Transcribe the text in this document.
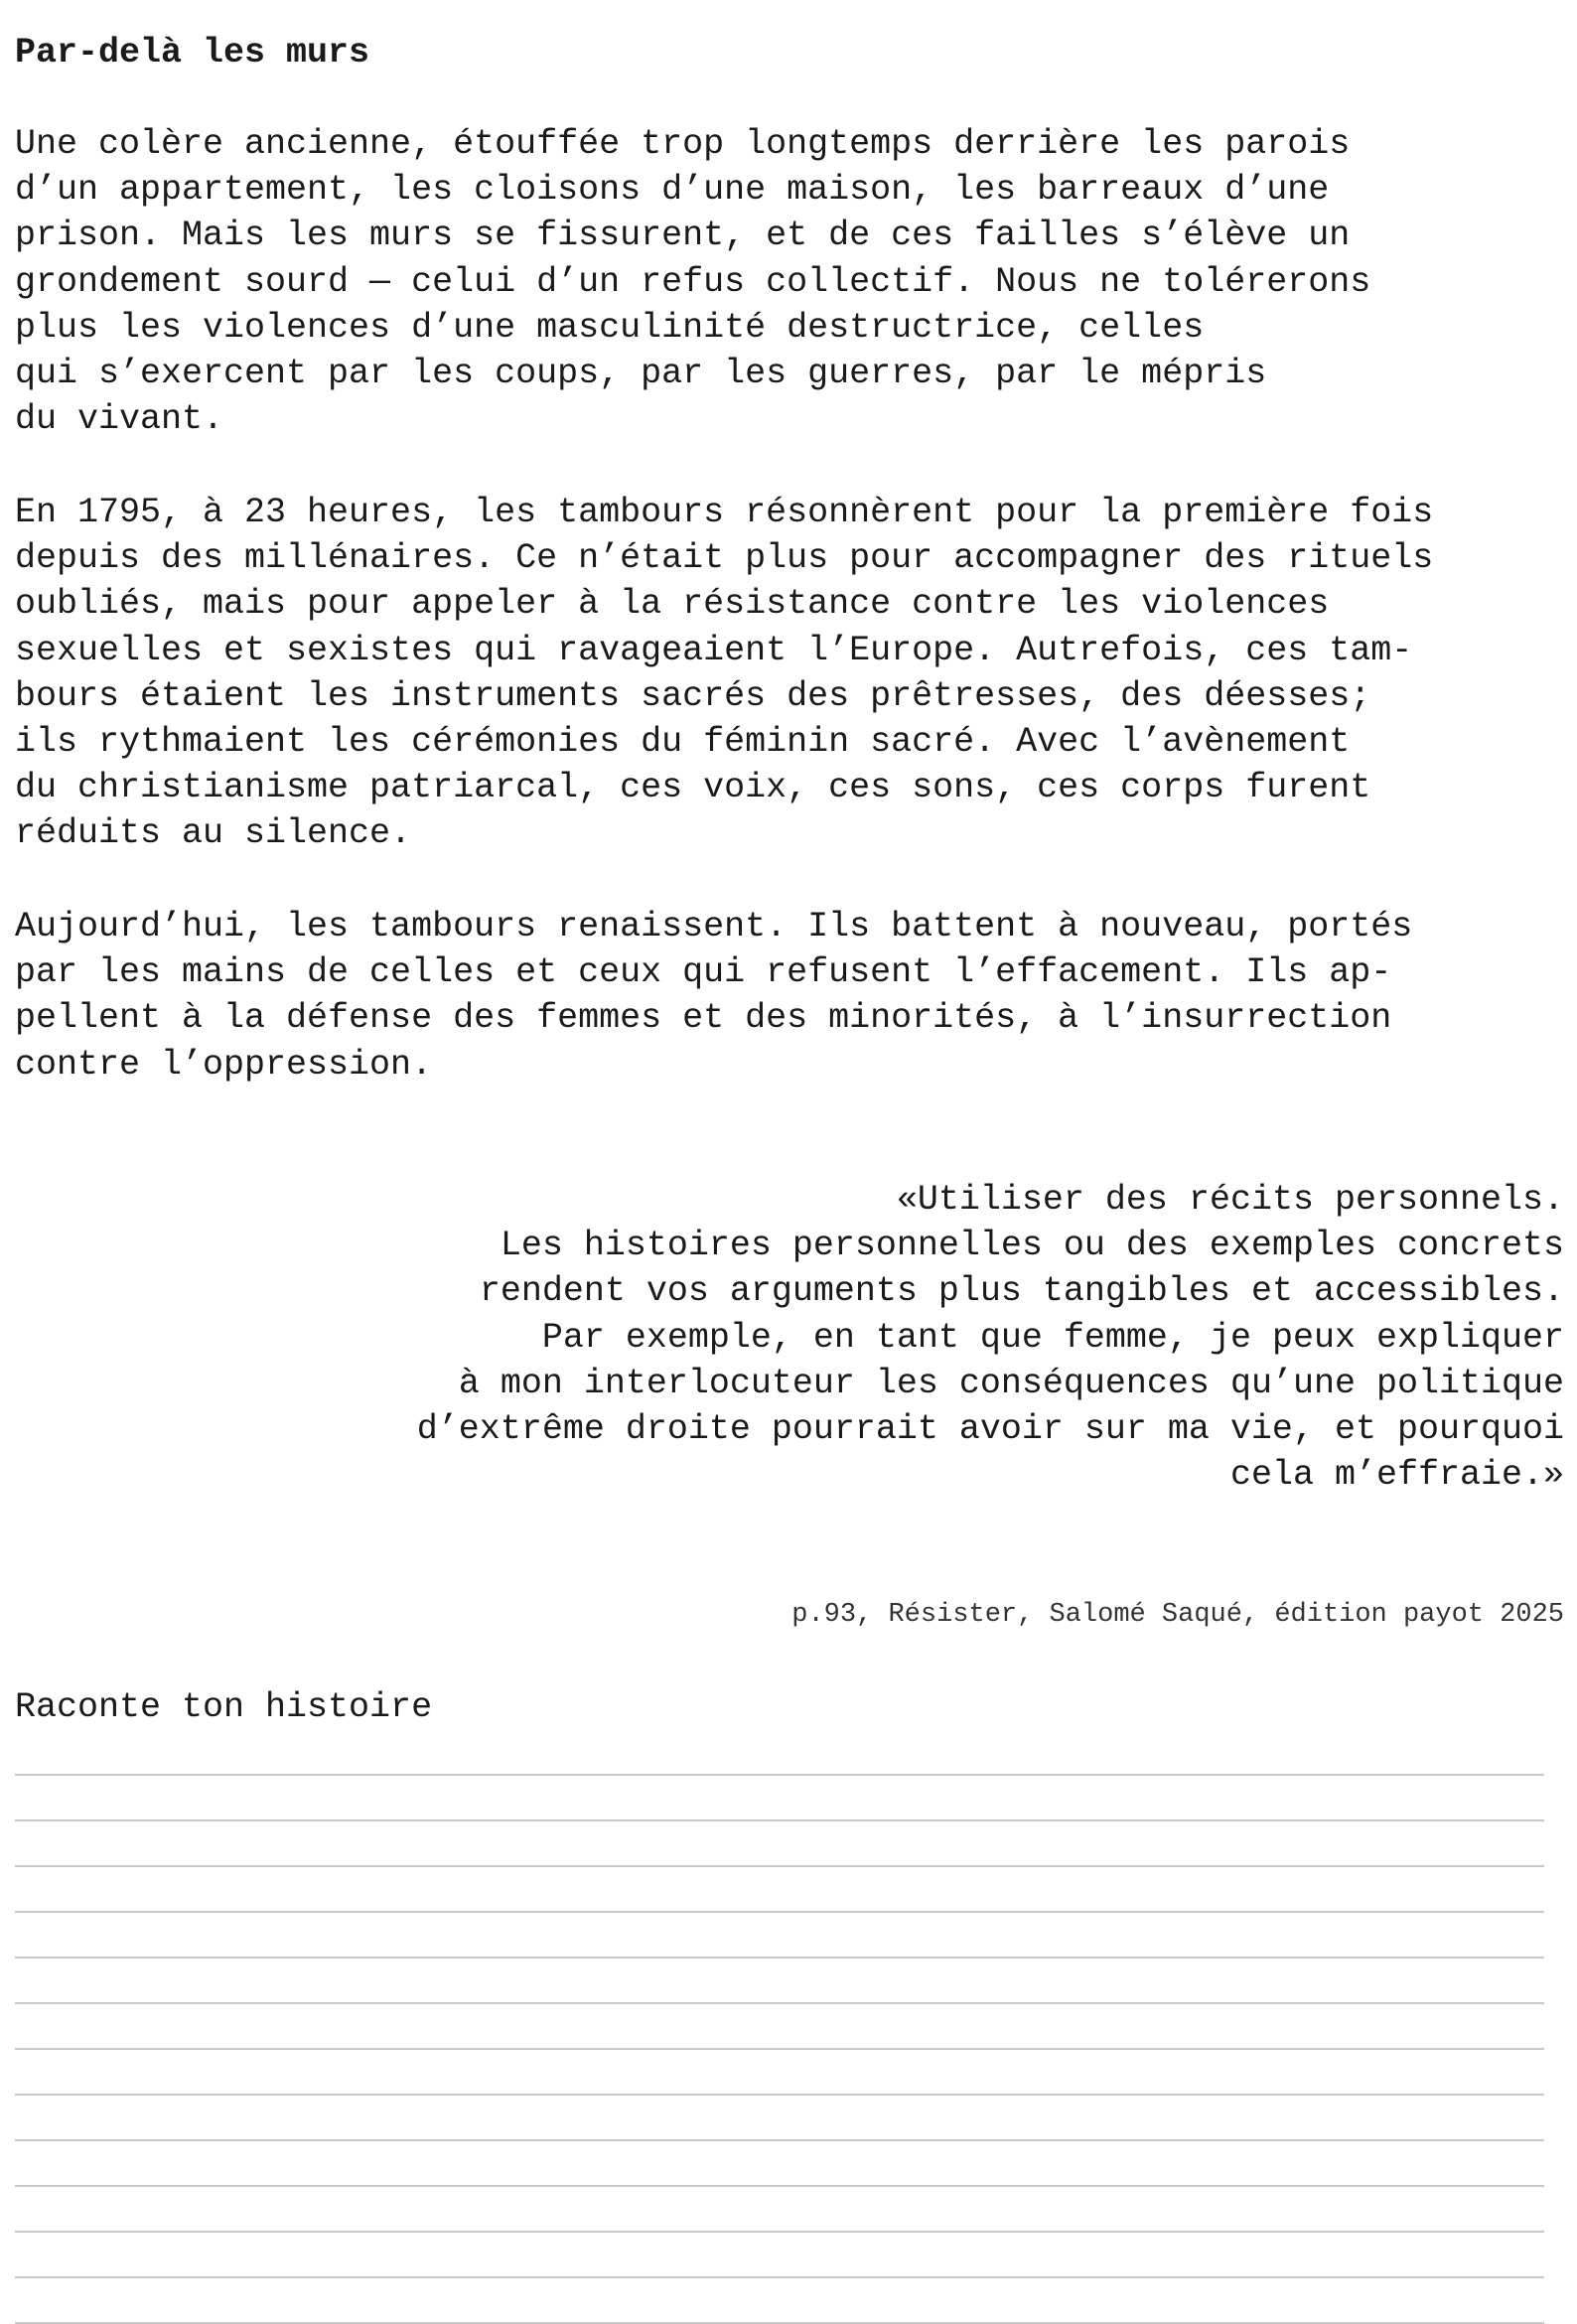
Par-delà les murs

Une colère ancienne, étouffée trop longtemps derrière les parois
d’un appartement, les cloisons d’une maison, les barreaux d’une
prison. Mais les murs se fissurent, et de ces failles s’élève un
grondement sourd — celui d’un refus collectif. Nous ne tolérerons
plus les violences d’une masculinité destructrice, celles
qui s’exercent par les coups, par les guerres, par le mépris
du vivant.

En 1795, à 23 heures, les tambours résonnèrent pour la première fois
depuis des millénaires. Ce n’était plus pour accompagner des rituels
oubliés, mais pour appeler à la résistance contre les violences
sexuelles et sexistes qui ravageaient l’Europe. Autrefois, ces tam-
bours étaient les instruments sacrés des prêtresses, des déesses;
ils rythmaient les cérémonies du féminin sacré. Avec l’avènement
du christianisme patriarcal, ces voix, ces sons, ces corps furent
réduits au silence.

Aujourd’hui, les tambours renaissent. Ils battent à nouveau, portés
par les mains de celles et ceux qui refusent l’effacement. Ils ap-
pellent à la défense des femmes et des minorités, à l’insurrection
contre l’oppression.

«Utiliser des récits personnels.
Les histoires personnelles ou des exemples concrets
rendent vos arguments plus tangibles et accessibles.
Par exemple, en tant que femme, je peux expliquer
à mon interlocuteur les conséquences qu’une politique
d’extrême droite pourrait avoir sur ma vie, et pourquoi
cela m’effraie.»
p.93, Résister, Salomé Saqué, édition payot 2025
Raconte ton histoire
